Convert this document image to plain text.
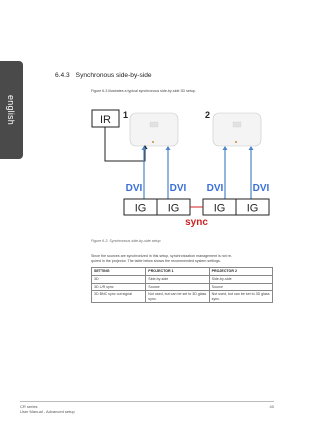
english
6.4.3 Synchronous side-by-side
Figure 6-3 illustrates a typical synchronous side-by-side 3D setup.
1	2
IR
DVI	DVI DVI	DVI
IG IG	IG IG
sync
Figure 6-3. Synchronous side-by-side setup
Since the sources are synchronized in this setup, synchronization management is not re-
quired in the projector. The table below shows the recommended system settings.
SETTING	PROJECTOR 1	PROJECTOR 2
3D	Side-by-side	Side-by-side
3D L/R sync	Source	Source
3D BNC sync out signal	Not used, but can be set to 3D glass sync.	Not used, but can be set to 3D glass sync.
CR series
User Manual - Advanced setup
40
